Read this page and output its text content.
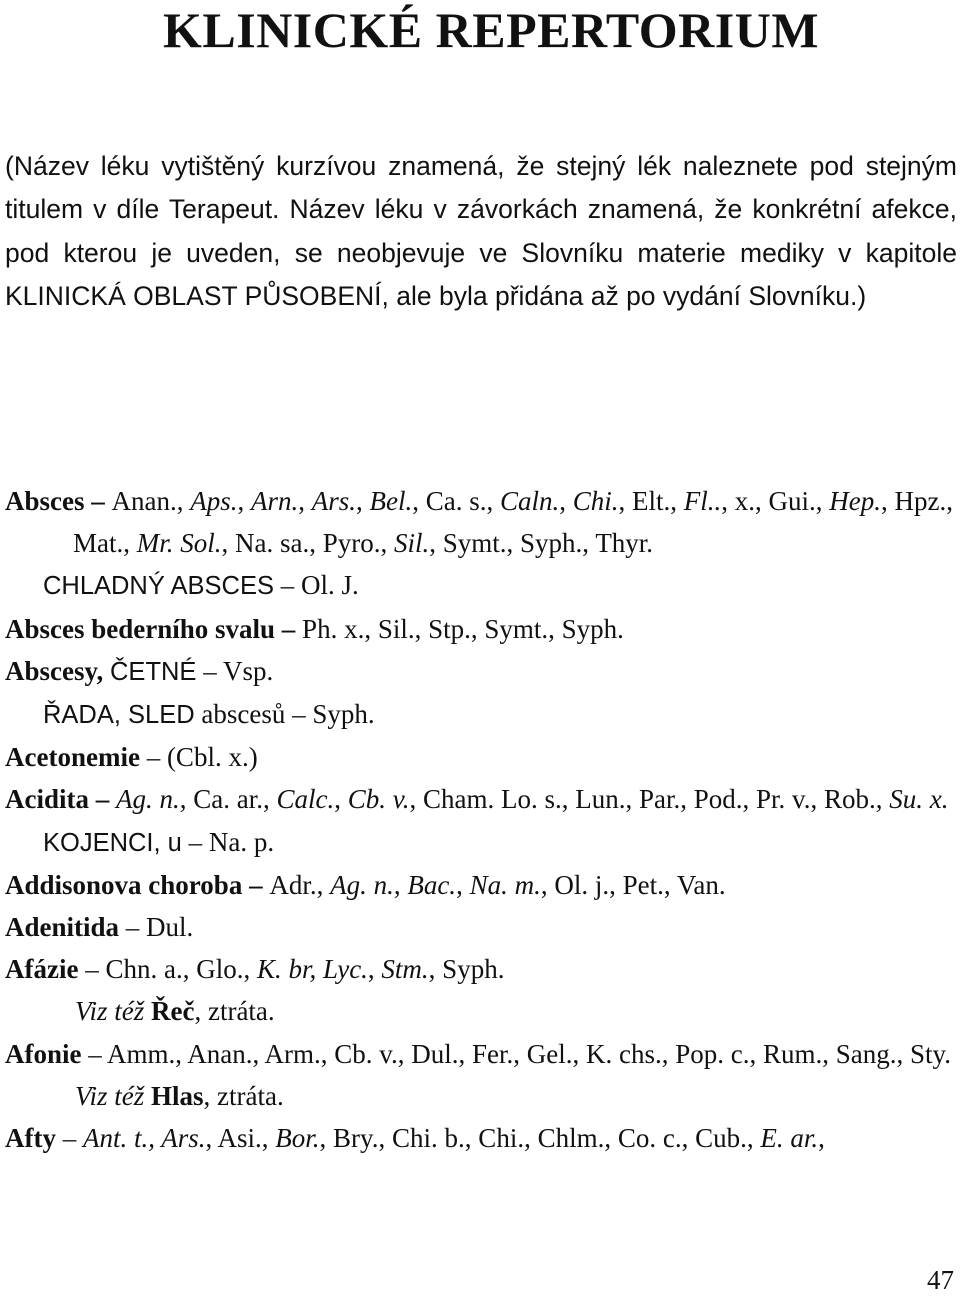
KLINICKÉ REPERTORIUM

(Název léku vytištěný kurzívou znamená, že stejný lék naleznete pod stejným titulem v díle Terapeut. Název léku v závorkách znamená, že konkrétní afekce, pod kterou je uveden, se neobjevuje ve Slovníku materie mediky v kapitole KLINICKÁ OBLAST PŮSOBENÍ, ale byla přidána až po vydání Slovníku.)

Absces – Anan., Aps., Arn., Ars., Bel., Ca. s., Caln., Chi., Elt., Fl.., x., Gui., Hep., Hpz., Mat., Mr. Sol., Na. sa., Pyro., Sil., Symt., Syph., Thyr.
CHLADNÝ ABSCES – Ol. J.
Absces bederního svalu – Ph. x., Sil., Stp., Symt., Syph.
Abscesy, ČETNÉ – Vsp.
ŘADA, SLED abscesů – Syph.
Acetonemie – (Cbl. x.)
Acidita – Ag. n., Ca. ar., Calc., Cb. v., Cham. Lo. s., Lun., Par., Pod., Pr. v., Rob., Su. x.
KOJENCI, u – Na. p.
Addisonova choroba – Adr., Ag. n., Bac., Na. m., Ol. j., Pet., Van.
Adenitida – Dul.
Afázie – Chn. a., Glo., K. br, Lyc., Stm., Syph.
Viz též Řeč, ztráta.
Afonie – Amm., Anan., Arm., Cb. v., Dul., Fer., Gel., K. chs., Pop. c., Rum., Sang., Sty.
Viz též Hlas, ztráta.
Afty – Ant. t., Ars., Asi., Bor., Bry., Chi. b., Chi., Chlm., Co. c., Cub., E. ar.,
47
